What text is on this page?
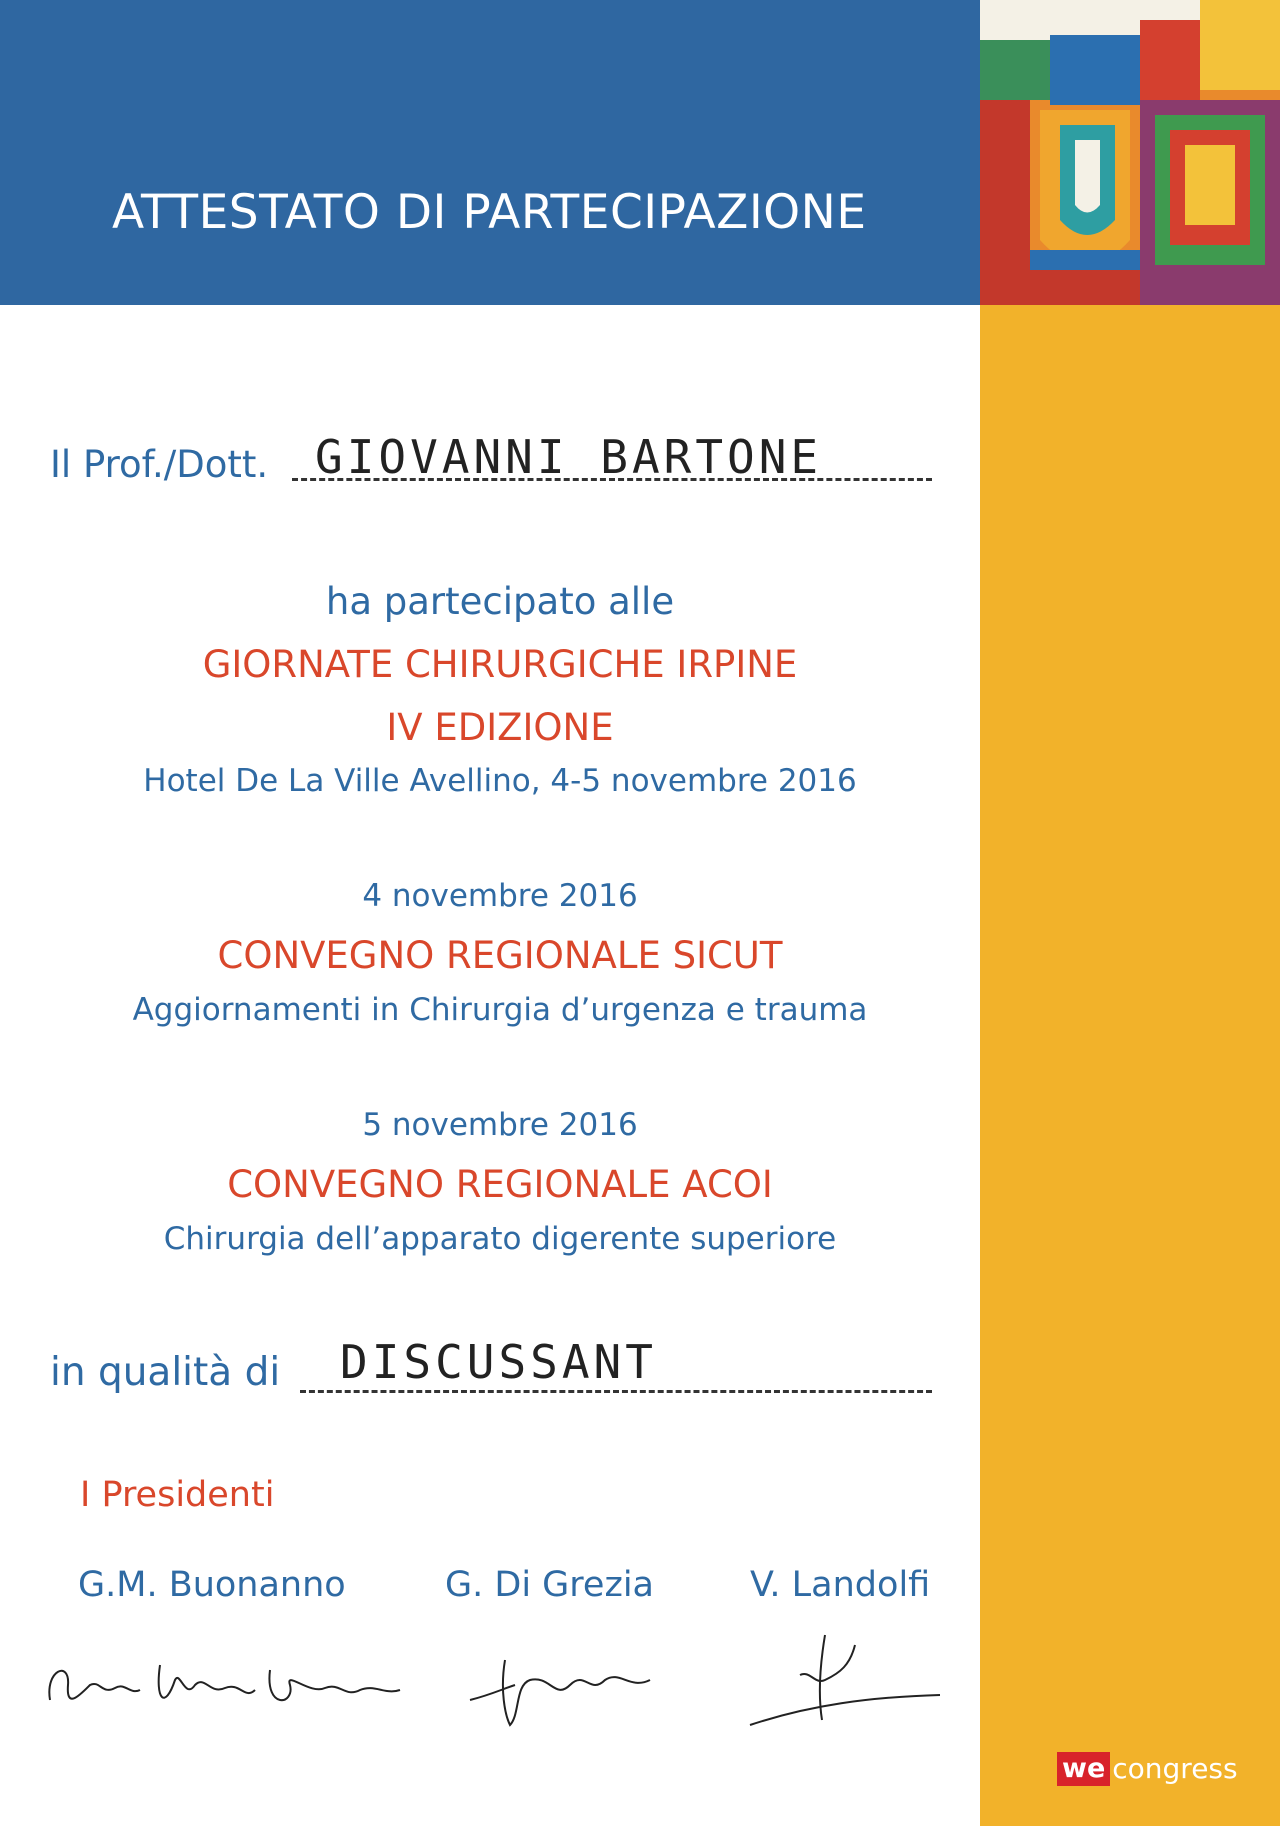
ATTESTATO DI PARTECIPAZIONE
we congress
Il Prof./Dott. GIOVANNI BARTONE
ha partecipato alle
GIORNATE CHIRURGICHE IRPINE
IV EDIZIONE
Hotel De La Ville Avellino, 4-5 novembre 2016
4 novembre 2016
CONVEGNO REGIONALE SICUT
Aggiornamenti in Chirurgia d’urgenza e trauma
5 novembre 2016
CONVEGNO REGIONALE ACOI
Chirurgia dell’apparato digerente superiore
in qualità di DISCUSSANT
I Presidenti
G.M. Buonanno	G. Di Grezia	V. Landolfi
